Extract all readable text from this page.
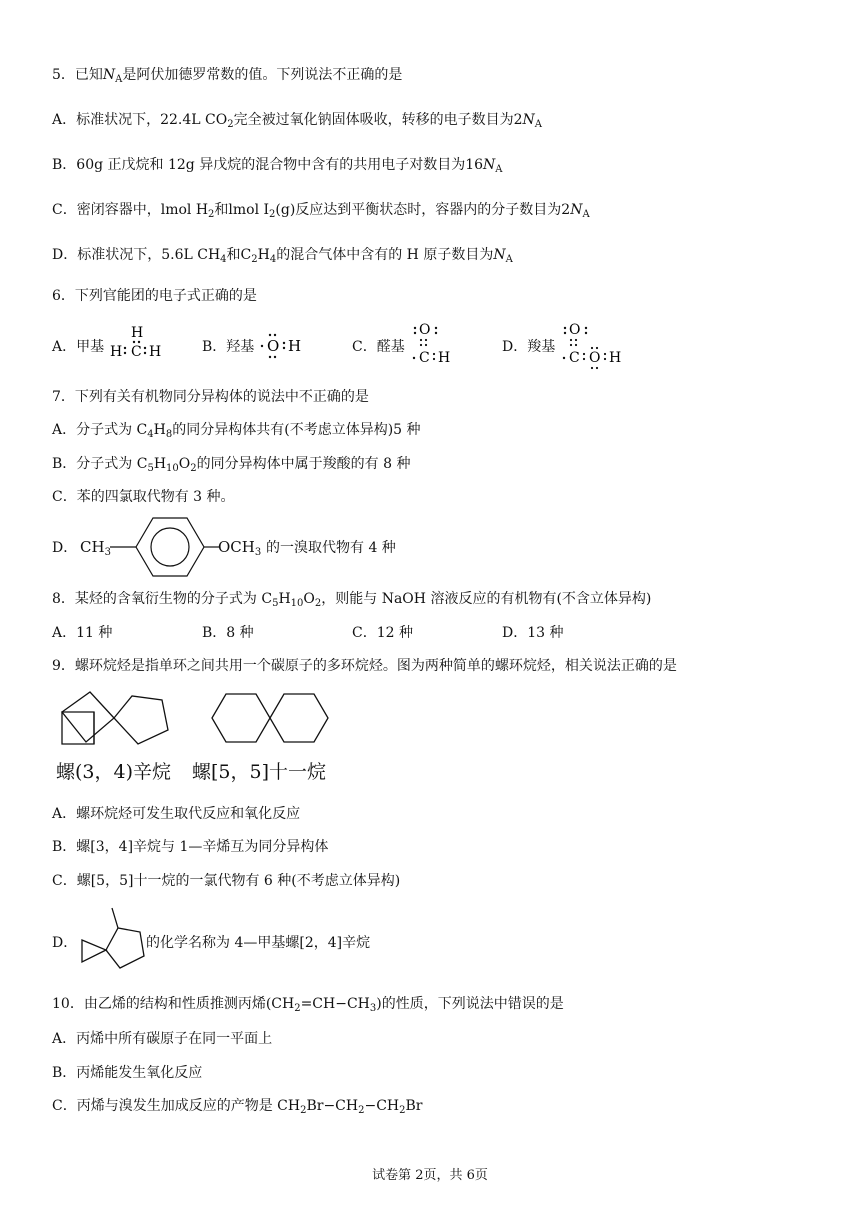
5．已知$N_A$是阿伏加德罗常数的值。下列说法不正确的是
A．标准状况下，22.4L $CO_2$完全被过氧化钠固体吸收，转移的电子数目为$2N_A$
B．60g 正戊烷和 12g 异戊烷的混合物中含有的共用电子对数目为$16N_A$
C．密闭容器中，lmol $H_2$和lmol $I_2(g)$反应达到平衡状态时，容器内的分子数目为$2N_A$
D．标准状况下，5.6L $CH_4$和$C_2H_4$的混合气体中含有的 H 原子数目为$N_A$
6．下列官能团的电子式正确的是
A．甲基
H
H C H	B．羟基 O H	C．醛基
O
C H
D．羧基
O
C O H
7．下列有关有机物同分异构体的说法中不正确的是
A．分子式为 $C_4H_8$的同分异构体共有(不考虑立体异构)5 种
B．分子式为 $C_5H_{10}O_2$的同分异构体中属于羧酸的有 8 种
C．苯的四氯取代物有 3 种。
D． $CH_3$	$OCH_3$ 的一溴取代物有 4 种
8．某烃的含氧衍生物的分子式为 $C_5H_{10}O_2$，则能与 NaOH 溶液反应的有机物有(不含立体异构)
A．11 种	B．8 种	C．12 种	D．13 种
9．螺环烷烃是指单环之间共用一个碳原子的多环烷烃。图为两种简单的螺环烷烃，相关说法正确的是
螺(3，4)辛烷 螺[5，5]十一烷
A．螺环烷烃可发生取代反应和氧化反应
B．螺[3，4]辛烷与 1—辛烯互为同分异构体
C．螺[5，5]十一烷的一氯代物有 6 种(不考虑立体异构)
D．	的化学名称为 4—甲基螺[2，4]辛烷
10．由乙烯的结构和性质推测丙烯$(CH_2=CH-CH_3)$的性质，下列说法中错误的是
A．丙烯中所有碳原子在同一平面上
B．丙烯能发生氧化反应
C．丙烯与溴发生加成反应的产物是 $CH_2Br-CH_2-CH_2Br$
试卷第 2页，共 6页
